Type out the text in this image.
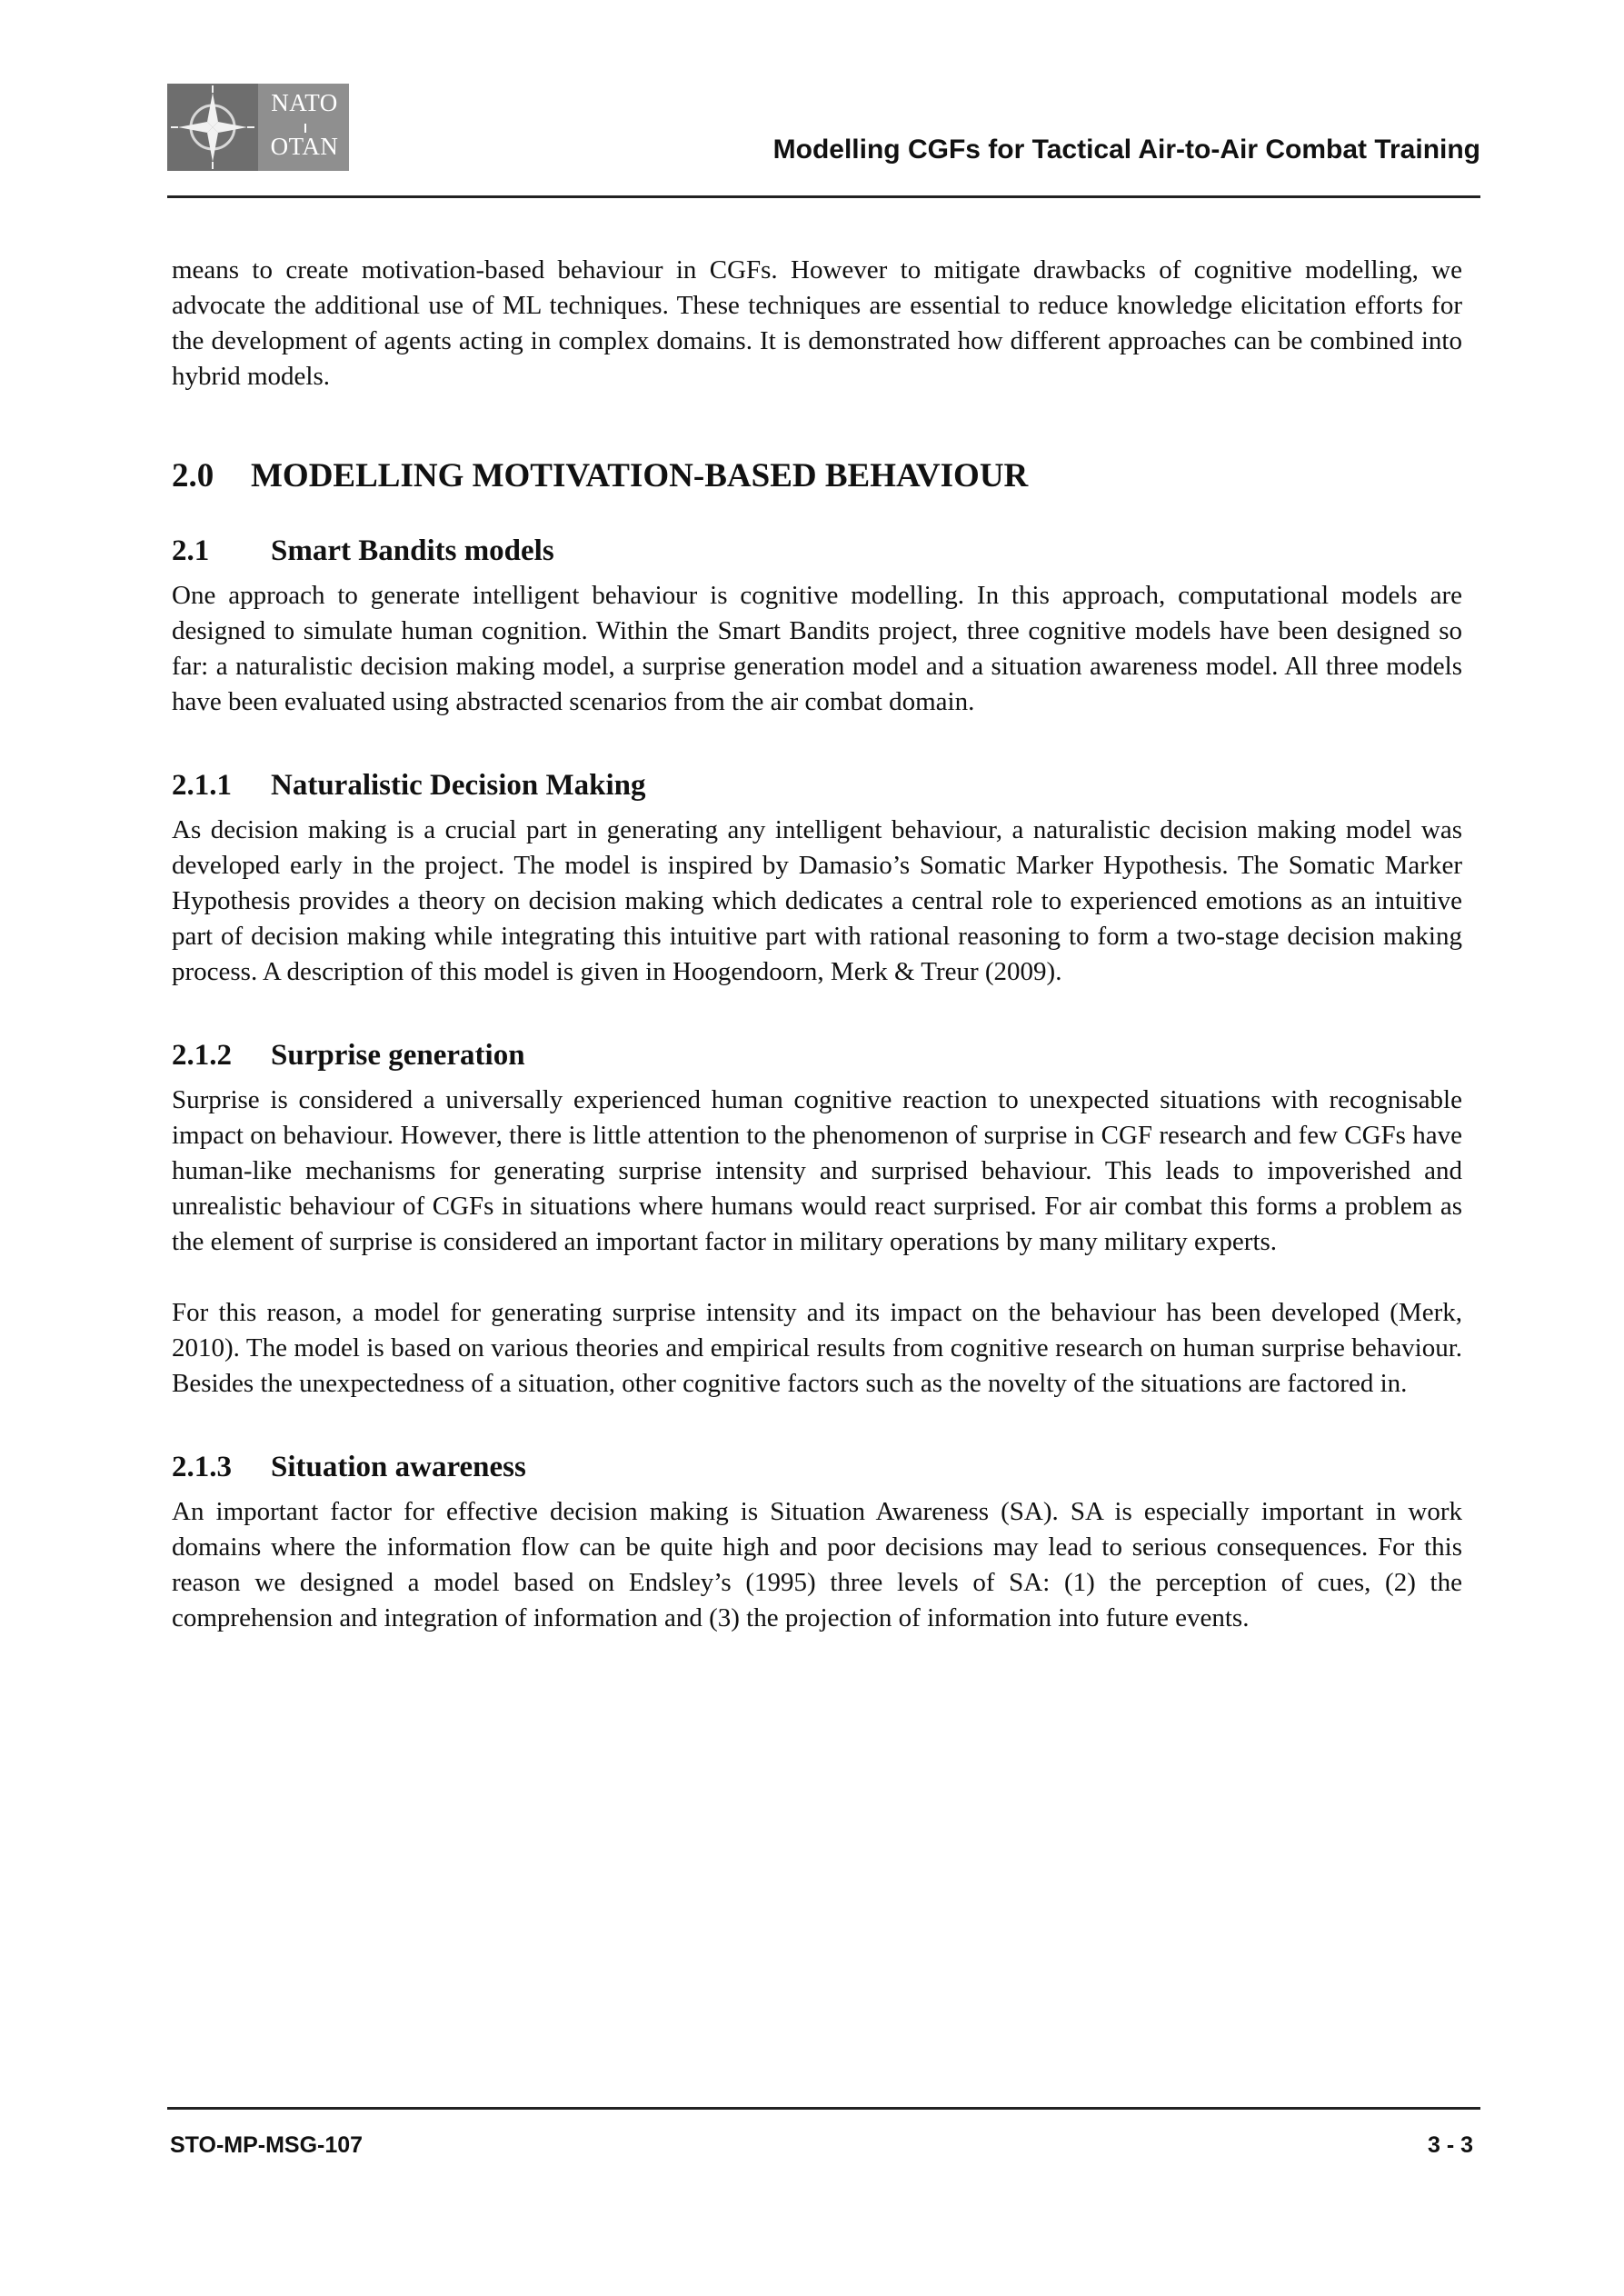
NATO
OTAN	Modelling CGFs for Tactical Air-to-Air Combat Training

means to create motivation-based behaviour in CGFs. However to mitigate drawbacks of cognitive modelling, we advocate the additional use of ML techniques. These techniques are essential to reduce knowledge elicitation efforts for the development of agents acting in complex domains. It is demonstrated how different approaches can be combined into hybrid models.

2.0 MODELLING MOTIVATION-BASED BEHAVIOUR
2.1 Smart Bandits models

One approach to generate intelligent behaviour is cognitive modelling. In this approach, computational models are designed to simulate human cognition. Within the Smart Bandits project, three cognitive models have been designed so far: a naturalistic decision making model, a surprise generation model and a situation awareness model. All three models have been evaluated using abstracted scenarios from the air combat domain.

2.1.1 Naturalistic Decision Making

As decision making is a crucial part in generating any intelligent behaviour, a naturalistic decision making model was developed early in the project. The model is inspired by Damasio’s Somatic Marker Hypothesis. The Somatic Marker Hypothesis provides a theory on decision making which dedicates a central role to experienced emotions as an intuitive part of decision making while integrating this intuitive part with rational reasoning to form a two-stage decision making process. A description of this model is given in Hoogendoorn, Merk & Treur (2009).

2.1.2 Surprise generation

Surprise is considered a universally experienced human cognitive reaction to unexpected situations with recognisable impact on behaviour. However, there is little attention to the phenomenon of surprise in CGF research and few CGFs have human-like mechanisms for generating surprise intensity and surprised behaviour. This leads to impoverished and unrealistic behaviour of CGFs in situations where humans would react surprised. For air combat this forms a problem as the element of surprise is considered an important factor in military operations by many military experts.

For this reason, a model for generating surprise intensity and its impact on the behaviour has been developed (Merk, 2010). The model is based on various theories and empirical results from cognitive research on human surprise behaviour. Besides the unexpectedness of a situation, other cognitive factors such as the novelty of the situations are factored in.

2.1.3 Situation awareness

An important factor for effective decision making is Situation Awareness (SA). SA is especially important in work domains where the information flow can be quite high and poor decisions may lead to serious consequences. For this reason we designed a model based on Endsley’s (1995) three levels of SA: (1) the perception of cues, (2) the comprehension and integration of information and (3) the projection of information into future events.

STO-MP-MSG-107	3 - 3
